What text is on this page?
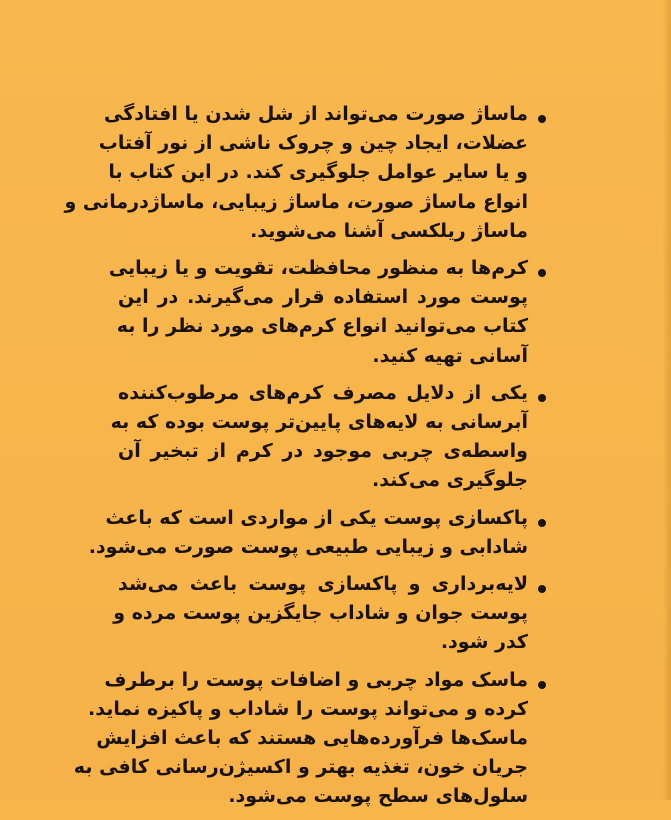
ماساژ صورت می‌تواند از شل شدن یا افتادگی
عضلات، ایجاد چین و چروک ناشی از نور آفتاب
و یا سایر عوامل جلوگیری کند. در این کتاب با
انواع ماساژ صورت، ماساژ زیبایی، ماساژدرمانی و
ماساژ ریلکسی آشنا می‌شوید.
کرم‌ها به منظور محافظت، تقویت و یا زیبایی
پوست مورد استفاده قرار می‌گیرند. در این
کتاب می‌توانید انواع کرم‌های مورد نظر را به
آسانی تهیه کنید.
یکی از دلایل مصرف کرم‌های مرطوب‌کننده
آبرسانی به لایه‌های پایین‌تر پوست بوده که به
واسطه‌ی چربی موجود در کرم از تبخیر آن
جلوگیری می‌کند.
پاکسازی پوست یکی از مواردی است که باعث
شادابی و زیبایی طبیعی پوست صورت می‌شود.
لایه‌برداری و پاکسازی پوست باعث می‌شد
پوست جوان و شاداب جایگزین پوست مرده و
کدر شود.
ماسک مواد چربی و اضافات پوست را برطرف
کرده و می‌تواند پوست را شاداب و پاکیزه نماید.
ماسک‌ها فرآورده‌هایی هستند که باعث افزایش
جریان خون، تغذیه بهتر و اکسیژن‌رسانی کافی به
سلول‌های سطح پوست می‌شود.
